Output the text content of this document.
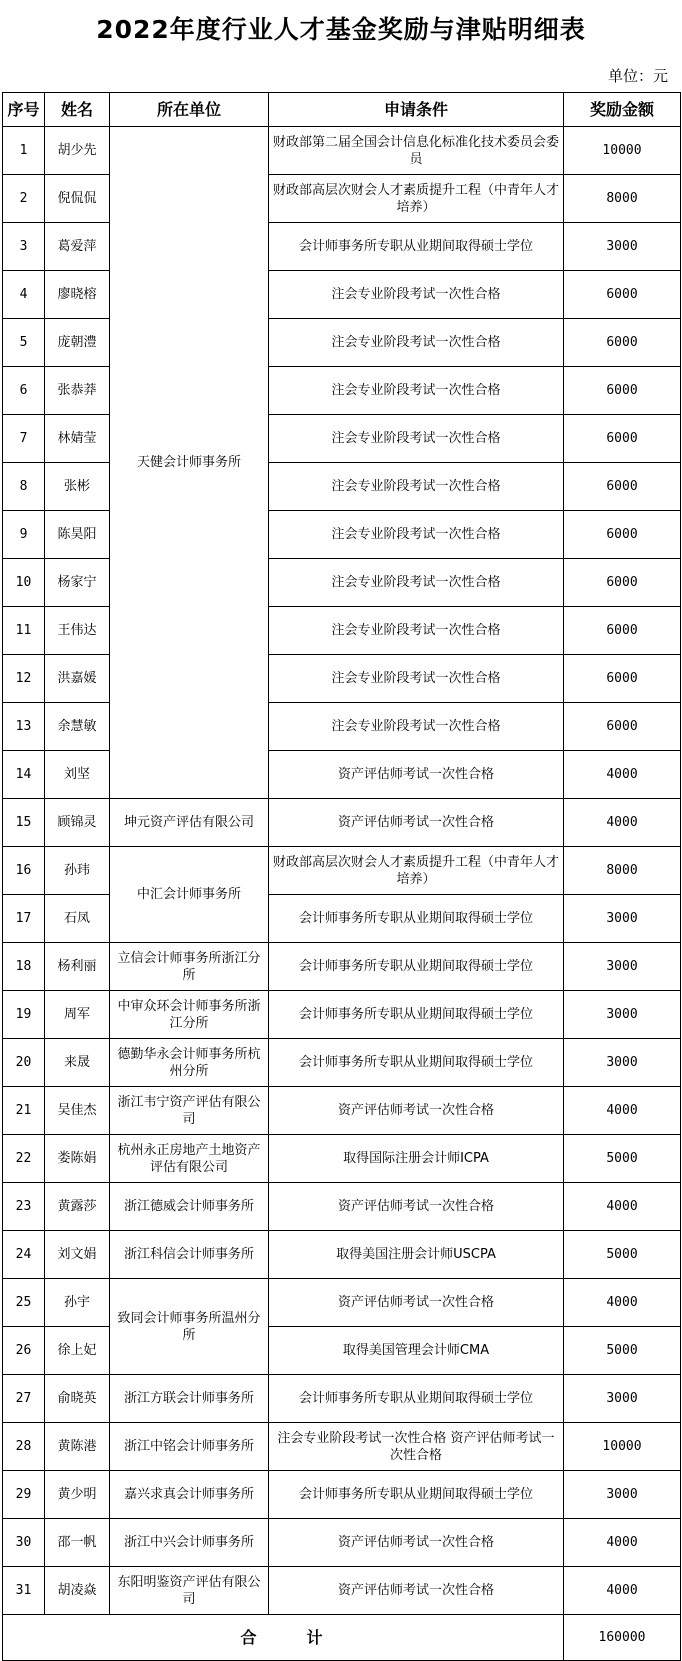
2022年度行业人才基金奖励与津贴明细表
单位：元
序号	姓名	所在单位	申请条件	奖励金额
1	胡少先	天健会计师事务所	财政部第二届全国会计信息化标准化技术委员会委员	10000
2	倪侃侃		财政部高层次财会人才素质提升工程（中青年人才培养）	8000
3	葛爱萍		会计师事务所专职从业期间取得硕士学位	3000
4	廖晓榕		注会专业阶段考试一次性合格	6000
5	庞朝澧		注会专业阶段考试一次性合格	6000
6	张恭莽		注会专业阶段考试一次性合格	6000
7	林婧莹		注会专业阶段考试一次性合格	6000
8	张彬		注会专业阶段考试一次性合格	6000
9	陈昊阳		注会专业阶段考试一次性合格	6000
10	杨家宁		注会专业阶段考试一次性合格	6000
11	王伟达		注会专业阶段考试一次性合格	6000
12	洪嘉媛		注会专业阶段考试一次性合格	6000
13	余慧敏		注会专业阶段考试一次性合格	6000
14	刘坚		资产评估师考试一次性合格	4000
15	顾锦灵	坤元资产评估有限公司	资产评估师考试一次性合格	4000
16	孙玮	中汇会计师事务所	财政部高层次财会人才素质提升工程（中青年人才培养）	8000
17	石凤		会计师事务所专职从业期间取得硕士学位	3000
18	杨利丽	立信会计师事务所浙江分所	会计师事务所专职从业期间取得硕士学位	3000
19	周军	中审众环会计师事务所浙江分所	会计师事务所专职从业期间取得硕士学位	3000
20	来晟	德勤华永会计师事务所杭州分所	会计师事务所专职从业期间取得硕士学位	3000
21	吴佳杰	浙江韦宁资产评估有限公司	资产评估师考试一次性合格	4000
22	娄陈娟	杭州永正房地产土地资产评估有限公司	取得国际注册会计师ICPA	5000
23	黄露莎	浙江德威会计师事务所	资产评估师考试一次性合格	4000
24	刘文娟	浙江科信会计师事务所	取得美国注册会计师USCPA	5000
25	孙宇	致同会计师事务所温州分所	资产评估师考试一次性合格	4000
26	徐上妃		取得美国管理会计师CMA	5000
27	俞晓英	浙江方联会计师事务所	会计师事务所专职从业期间取得硕士学位	3000
28	黄陈港	浙江中铭会计师事务所	注会专业阶段考试一次性合格 资产评估师考试一次性合格	10000
29	黄少明	嘉兴求真会计师事务所	会计师事务所专职从业期间取得硕士学位	3000
30	邵一帆	浙江中兴会计师事务所	资产评估师考试一次性合格	4000
31	胡凌焱	东阳明鉴资产评估有限公司	资产评估师考试一次性合格	4000
合计				160000
